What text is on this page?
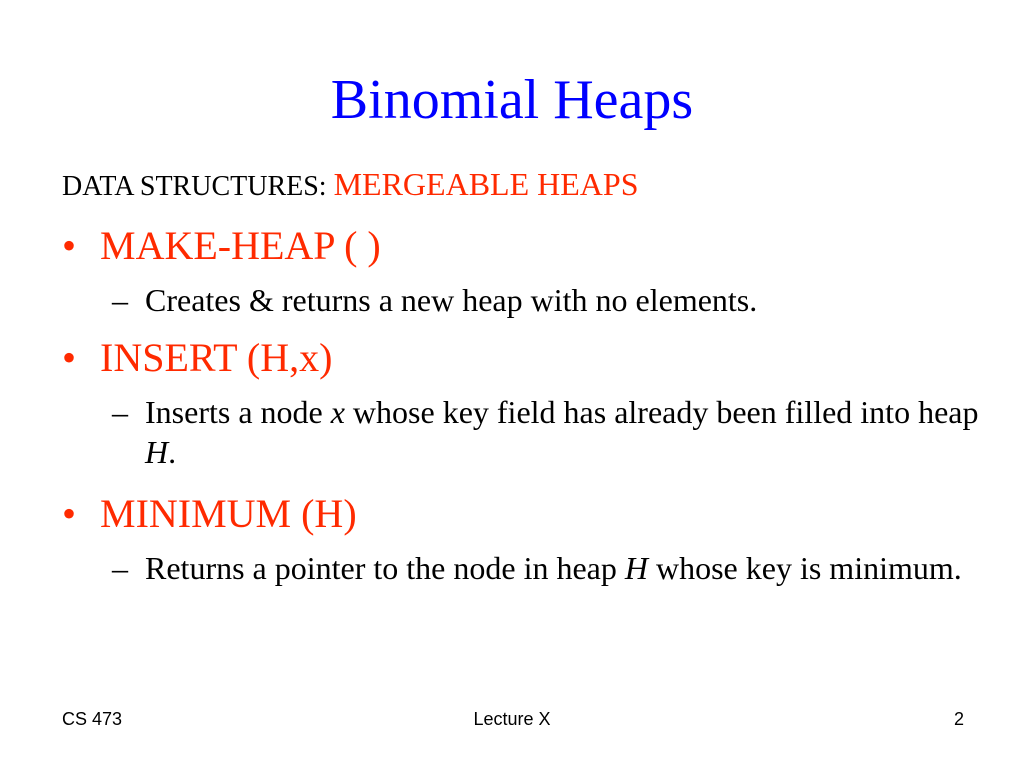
Binomial Heaps
DATA STRUCTURES: MERGEABLE HEAPS
• MAKE-HEAP ( )
– Creates & returns a new heap with no elements.
• INSERT (H,x)
– Inserts a node x whose key field has already been filled into heap H.
• MINIMUM (H)
– Returns a pointer to the node in heap H whose key is minimum.
CS 473	Lecture X	2
